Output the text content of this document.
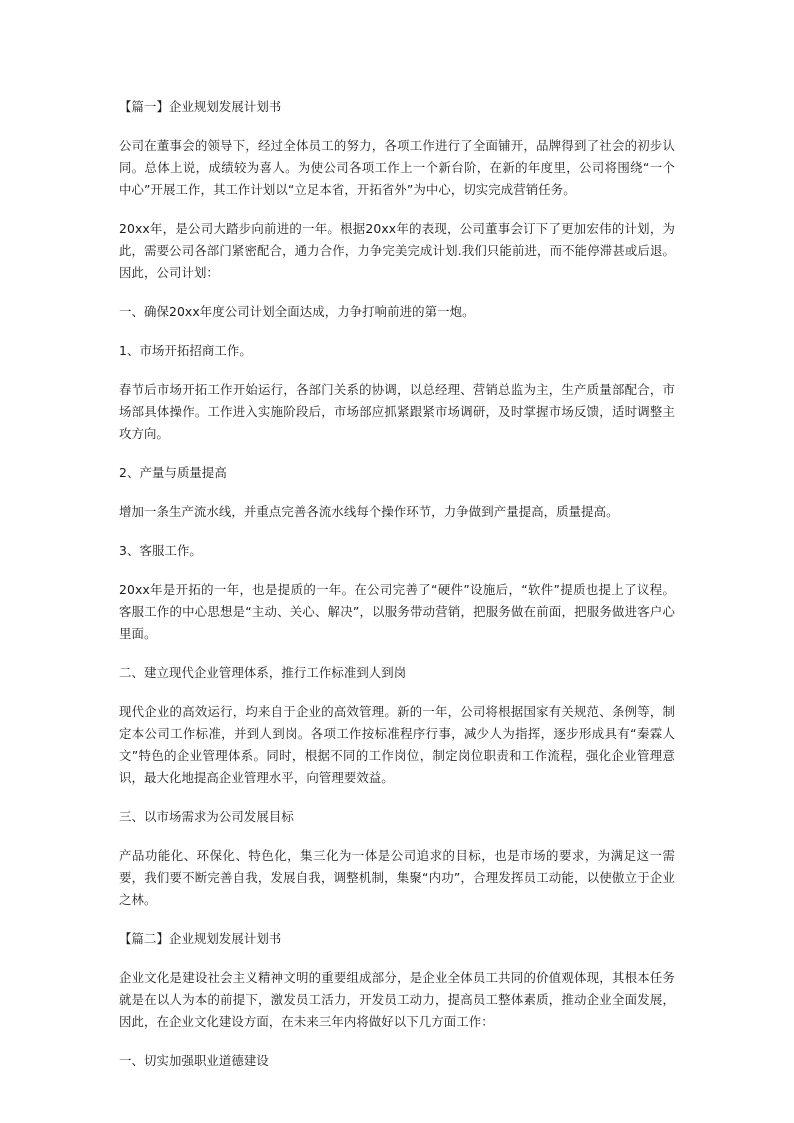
【篇一】企业规划发展计划书

公司在董事会的领导下，经过全体员工的努力，各项工作进行了全面铺开，品牌得到了社会的初步认同。总体上说，成绩较为喜人。为使公司各项工作上一个新台阶，在新的年度里，公司将围绕“一个中心”开展工作，其工作计划以“立足本省，开拓省外”为中心，切实完成营销任务。

20xx年，是公司大踏步向前进的一年。根据20xx年的表现，公司董事会订下了更加宏伟的计划，为此，需要公司各部门紧密配合，通力合作，力争完美完成计划.我们只能前进，而不能停滞甚或后退。因此，公司计划：

一、确保20xx年度公司计划全面达成，力争打响前进的第一炮。

1、市场开拓招商工作。

春节后市场开拓工作开始运行，各部门关系的协调，以总经理、营销总监为主，生产质量部配合，市场部具体操作。工作进入实施阶段后，市场部应抓紧跟紧市场调研，及时掌握市场反馈，适时调整主攻方向。

2、产量与质量提高

增加一条生产流水线，并重点完善各流水线每个操作环节，力争做到产量提高，质量提高。

3、客服工作。

20xx年是开拓的一年，也是提质的一年。在公司完善了“硬件”设施后，“软件”提质也提上了议程。客服工作的中心思想是“主动、关心、解决”，以服务带动营销，把服务做在前面，把服务做进客户心里面。

二、建立现代企业管理体系，推行工作标准到人到岗

现代企业的高效运行，均来自于企业的高效管理。新的一年，公司将根据国家有关规范、条例等，制定本公司工作标准，并到人到岗。各项工作按标准程序行事，减少人为指挥，逐步形成具有“秦霖人文”特色的企业管理体系。同时，根据不同的工作岗位，制定岗位职责和工作流程，强化企业管理意识，最大化地提高企业管理水平，向管理要效益。

三、以市场需求为公司发展目标

产品功能化、环保化、特色化，集三化为一体是公司追求的目标，也是市场的要求，为满足这一需要，我们要不断完善自我，发展自我，调整机制，集聚“内功”，合理发挥员工动能，以使傲立于企业之林。

【篇二】企业规划发展计划书

企业文化是建设社会主义精神文明的重要组成部分，是企业全体员工共同的价值观体现，其根本任务就是在以人为本的前提下，激发员工活力，开发员工动力，提高员工整体素质，推动企业全面发展，因此，在企业文化建设方面，在未来三年内将做好以下几方面工作：

一、切实加强职业道德建设
